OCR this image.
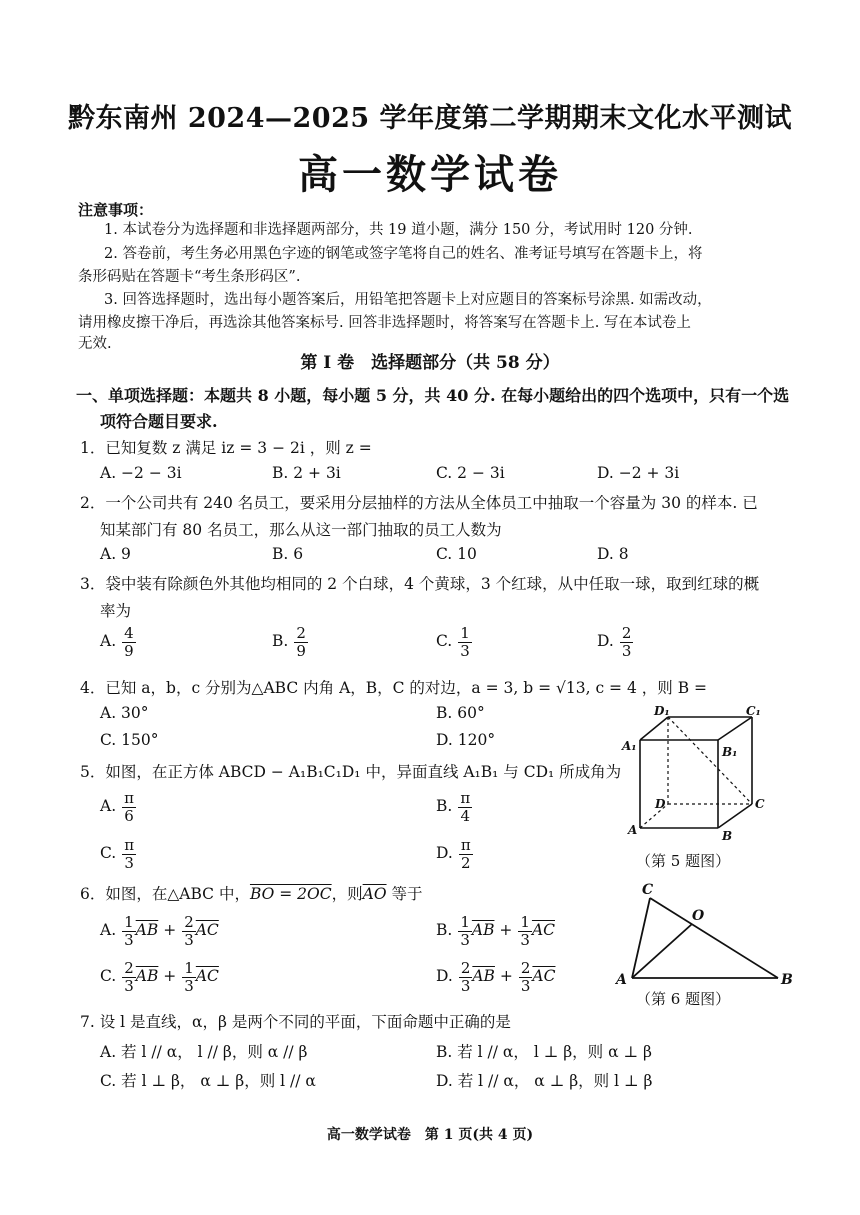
黔东南州 2024—2025 学年度第二学期期末文化水平测试
高一数学试卷
注意事项：
1. 本试卷分为选择题和非选择题两部分，共 19 道小题，满分 150 分，考试用时 120 分钟.
2. 答卷前，考生务必用黑色字迹的钢笔或签字笔将自己的姓名、准考证号填写在答题卡上，将
条形码贴在答题卡“考生条形码区”.
3. 回答选择题时，选出每小题答案后，用铅笔把答题卡上对应题目的答案标号涂黑. 如需改动，
请用橡皮擦干净后，再选涂其他答案标号. 回答非选择题时，将答案写在答题卡上. 写在本试卷上
无效.
第 Ⅰ 卷　选择题部分（共 58 分）
一、单项选择题：本题共 8 小题，每小题 5 分，共 40 分. 在每小题给出的四个选项中，只有一个选
项符合题目要求.
1．已知复数 z 满足 iz = 3 − 2i ，则 z =
A. −2 − 3i	B. 2 + 3i	C. 2 − 3i	D. −2 + 3i
2．一个公司共有 240 名员工，要采用分层抽样的方法从全体员工中抽取一个容量为 30 的样本. 已
知某部门有 80 名员工，那么从这一部门抽取的员工人数为
A. 9	B. 6	C. 10	D. 8
3．袋中装有除颜色外其他均相同的 2 个白球，4 个黄球，3 个红球，从中任取一球，取到红球的概
率为
A. $\frac{4}{9}$	B. $\frac{2}{9}$	C. $\frac{1}{3}$	D. $\frac{2}{3}$
4．已知 a，b，c 分别为△ABC 内角 A，B，C 的对边，a = 3, b = √13, c = 4 ，则 B =
A. 30°	B. 60°
C. 150°	D. 120°
5．如图，在正方体 ABCD − A₁B₁C₁D₁ 中，异面直线 A₁B₁ 与 CD₁ 所成角为
A. $\frac{\pi}{6}$	B. $\frac{\pi}{4}$
C. $\frac{\pi}{3}$	D. $\frac{\pi}{2}$
D₁	C₁
A₁	B₁
D	C
A	B
（第 5 题图）
6．如图，在△ABC 中，BO = 2OC，则$\overline{AO}$ 等于
A. $\frac{1}{3} \overline{AB} + \frac{2}{3} \overline{AC}$	B. $\frac{1}{3} \overline{AB} + \frac{1}{3} \overline{AC}$
C. $\frac{2}{3} \overline{AB} + \frac{1}{3} \overline{AC}$	D. $\frac{2}{3} \overline{AB} + \frac{2}{3} \overline{AC}$
C
O
A	B
（第 6 题图）
7. 设 l 是直线，α，β 是两个不同的平面，下面命题中正确的是
A. 若 l // α， l // β，则 α // β	B. 若 l // α， l ⊥ β，则 α ⊥ β
C. 若 l ⊥ β， α ⊥ β，则 l // α	D. 若 l // α， α ⊥ β，则 l ⊥ β
高一数学试卷　第 1 页(共 4 页)
